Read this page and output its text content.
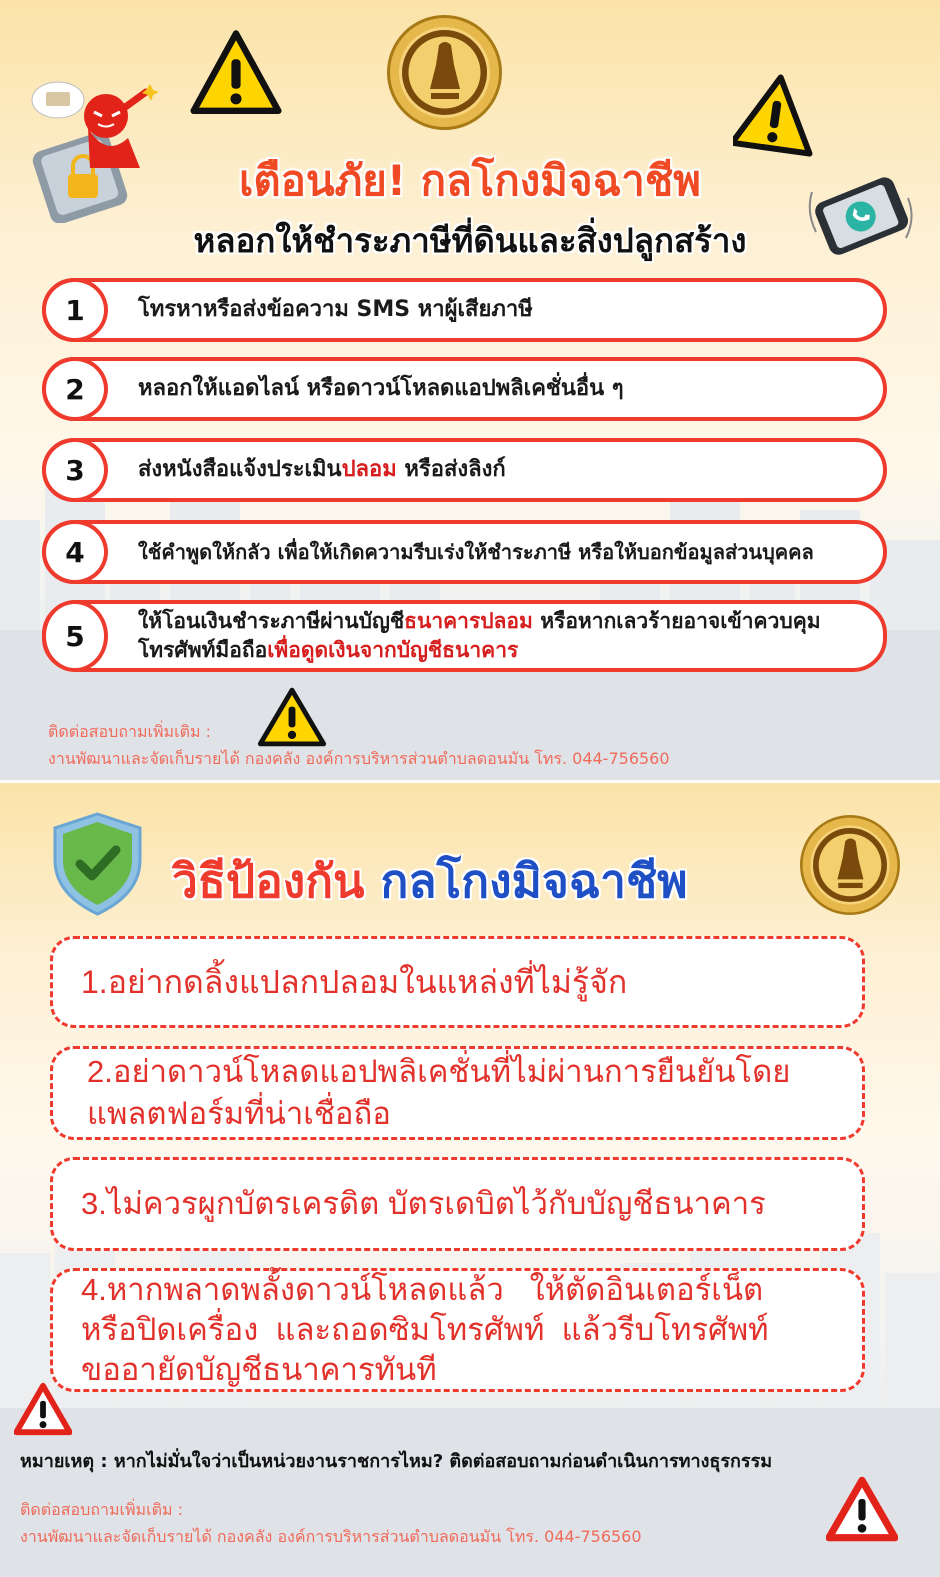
เตือนภัย! กลโกงมิจฉาชีพ
หลอกให้ชำระภาษีที่ดินและสิ่งปลูกสร้าง
1	โทรหาหรือส่งข้อความ SMS หาผู้เสียภาษี
2	หลอกให้แอดไลน์ หรือดาวน์โหลดแอปพลิเคชั่นอื่น ๆ
3	ส่งหนังสือแจ้งประเมินปลอม หรือส่งลิงก์
4	ใช้คำพูดให้กลัว เพื่อให้เกิดความรีบเร่งให้ชำระภาษี หรือให้บอกข้อมูลส่วนบุคคล
5	ให้โอนเงินชำระภาษีผ่านบัญชีธนาคารปลอม หรือหากเลวร้ายอาจเข้าควบคุม
โทรศัพท์มือถือเพื่อดูดเงินจากบัญชีธนาคาร
ติดต่อสอบถามเพิ่มเติม :
งานพัฒนาและจัดเก็บรายได้ กองคลัง องค์การบริหารส่วนตำบลดอนมัน โทร. 044-756560
วิธีป้องกัน กลโกงมิจฉาชีพ
1.อย่ากดลิ้งแปลกปลอมในแหล่งที่ไม่รู้จัก
2.อย่าดาวน์โหลดแอปพลิเคชั่นที่ไม่ผ่านการยืนยันโดย
แพลตฟอร์มที่น่าเชื่อถือ
3.ไม่ควรผูกบัตรเครดิต บัตรเดบิตไว้กับบัญชีธนาคาร
4.หากพลาดพลั้งดาวน์โหลดแล้ว   ให้ตัดอินเตอร์เน็ต
หรือปิดเครื่อง  และถอดซิมโทรศัพท์  แล้วรีบโทรศัพท์
ขออายัดบัญชีธนาคารทันที
หมายเหตุ : หากไม่มั่นใจว่าเป็นหน่วยงานราชการไหม? ติดต่อสอบถามก่อนดำเนินการทางธุรกรรม
ติดต่อสอบถามเพิ่มเติม :
งานพัฒนาและจัดเก็บรายได้ กองคลัง องค์การบริหารส่วนตำบลดอนมัน โทร. 044-756560
